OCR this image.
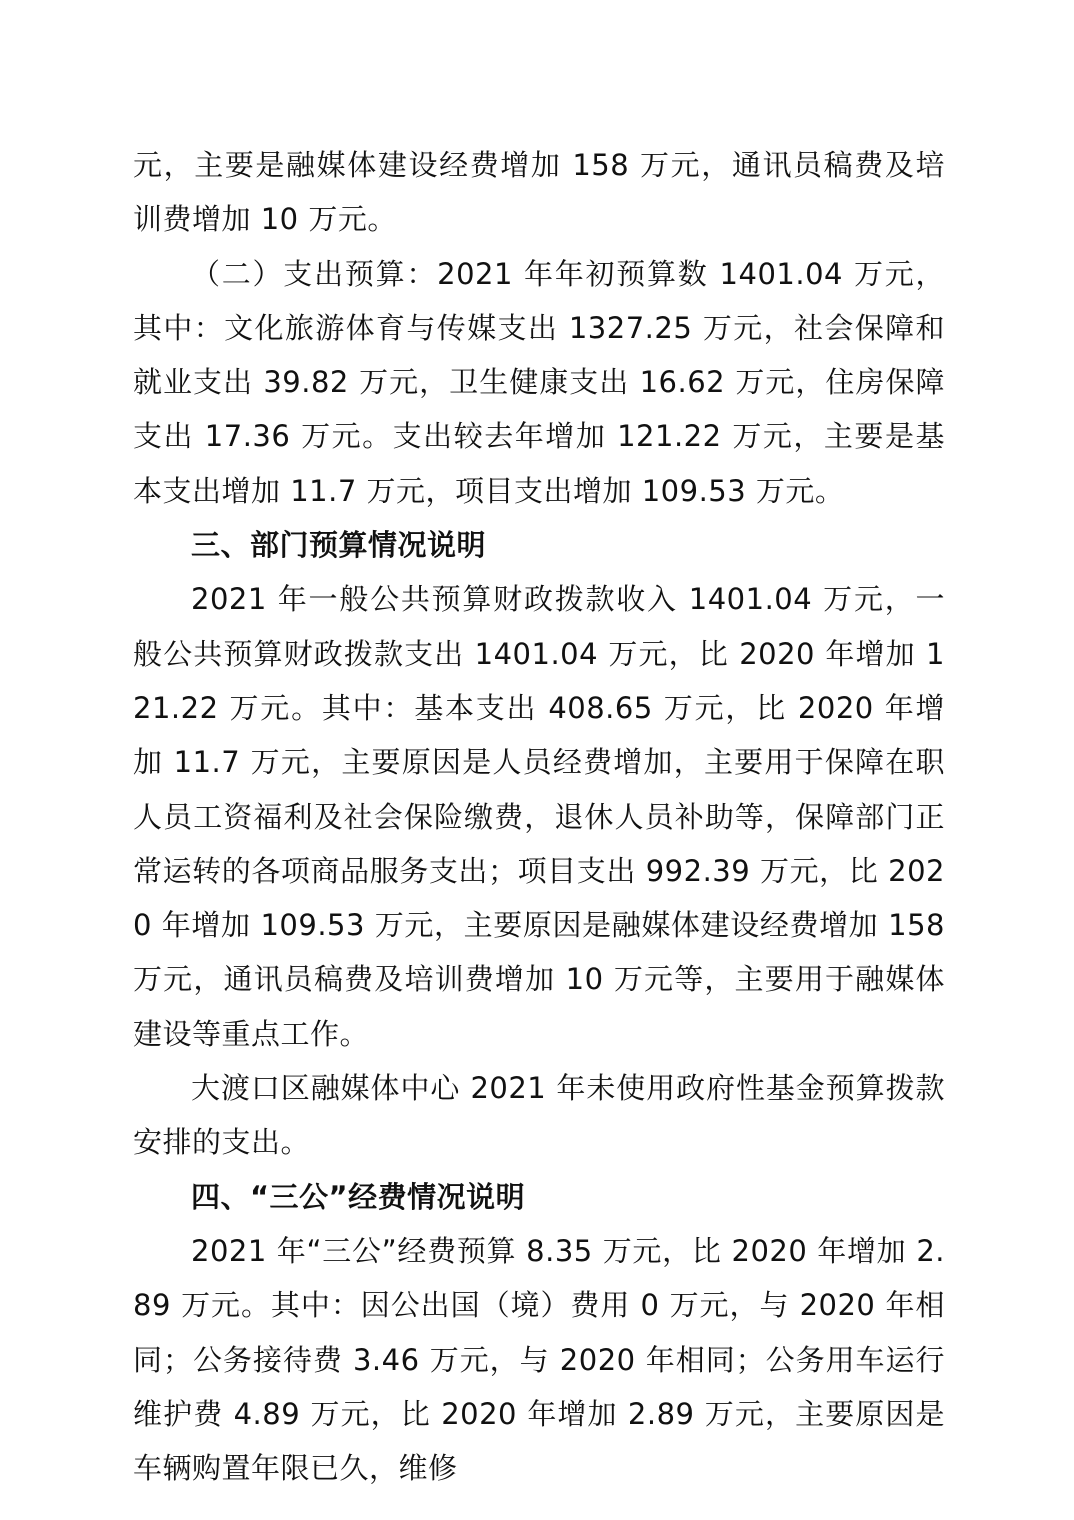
元，主要是融媒体建设经费增加 158 万元，通讯员稿费及培训费增加 10 万元。

（二）支出预算：2021 年年初预算数 1401.04 万元，其中：文化旅游体育与传媒支出 1327.25 万元，社会保障和就业支出 39.82 万元，卫生健康支出 16.62 万元，住房保障支出 17.36 万元。支出较去年增加 121.22 万元，主要是基本支出增加 11.7 万元，项目支出增加 109.53 万元。

三、部门预算情况说明

2021 年一般公共预算财政拨款收入 1401.04 万元，一般公共预算财政拨款支出 1401.04 万元，比 2020 年增加 121.22 万元。其中：基本支出 408.65 万元，比 2020 年增加 11.7 万元，主要原因是人员经费增加，主要用于保障在职人员工资福利及社会保险缴费，退休人员补助等，保障部门正常运转的各项商品服务支出；项目支出 992.39 万元，比 2020 年增加 109.53 万元，主要原因是融媒体建设经费增加 158 万元，通讯员稿费及培训费增加 10 万元等，主要用于融媒体建设等重点工作。

大渡口区融媒体中心 2021 年未使用政府性基金预算拨款安排的支出。

四、“三公”经费情况说明

2021 年“三公”经费预算 8.35 万元，比 2020 年增加 2.89 万元。其中：因公出国（境）费用 0 万元，与 2020 年相同；公务接待费 3.46 万元，与 2020 年相同；公务用车运行维护费 4.89 万元，比 2020 年增加 2.89 万元，主要原因是车辆购置年限已久，维修
